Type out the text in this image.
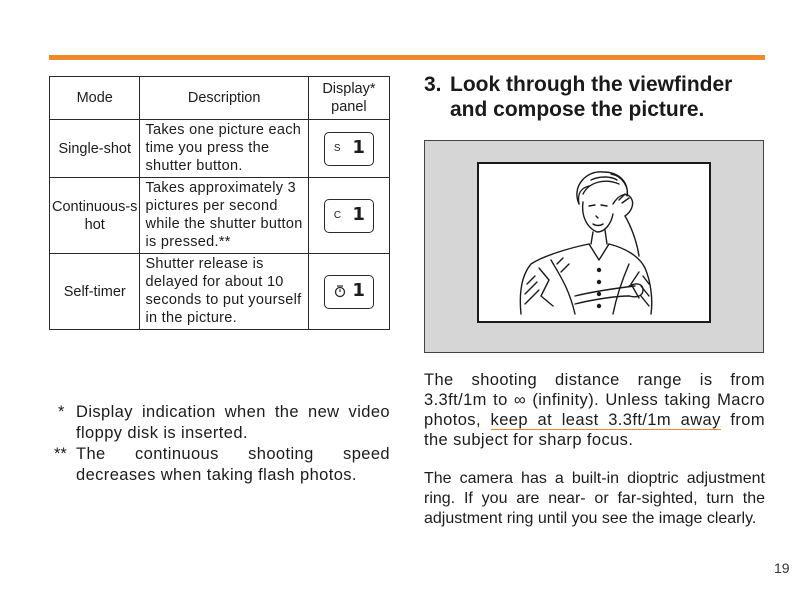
Mode	Description	Display* panel
Single-shot	Takes one picture each time you press the shutter button.	S 1

Continuous-shot	Takes approximately 3 pictures per second while the shutter button is pressed.**	C 1

Self-timer	Shutter release is delayed for about 10 seconds to put yourself in the picture.	1
* Display indication when the new video floppy disk is inserted.
** The continuous shooting speed decreases when taking flash photos.
3. Look through the viewfinder
and compose the picture.
The shooting distance range is from 3.3ft/1m to ∞ (infinity). Unless taking Macro photos, keep at least 3.3ft/1m away from the subject for sharp focus.
The camera has a built-in dioptric adjustment ring. If you are near- or far-sighted, turn the adjustment ring until you see the image clearly.
19
